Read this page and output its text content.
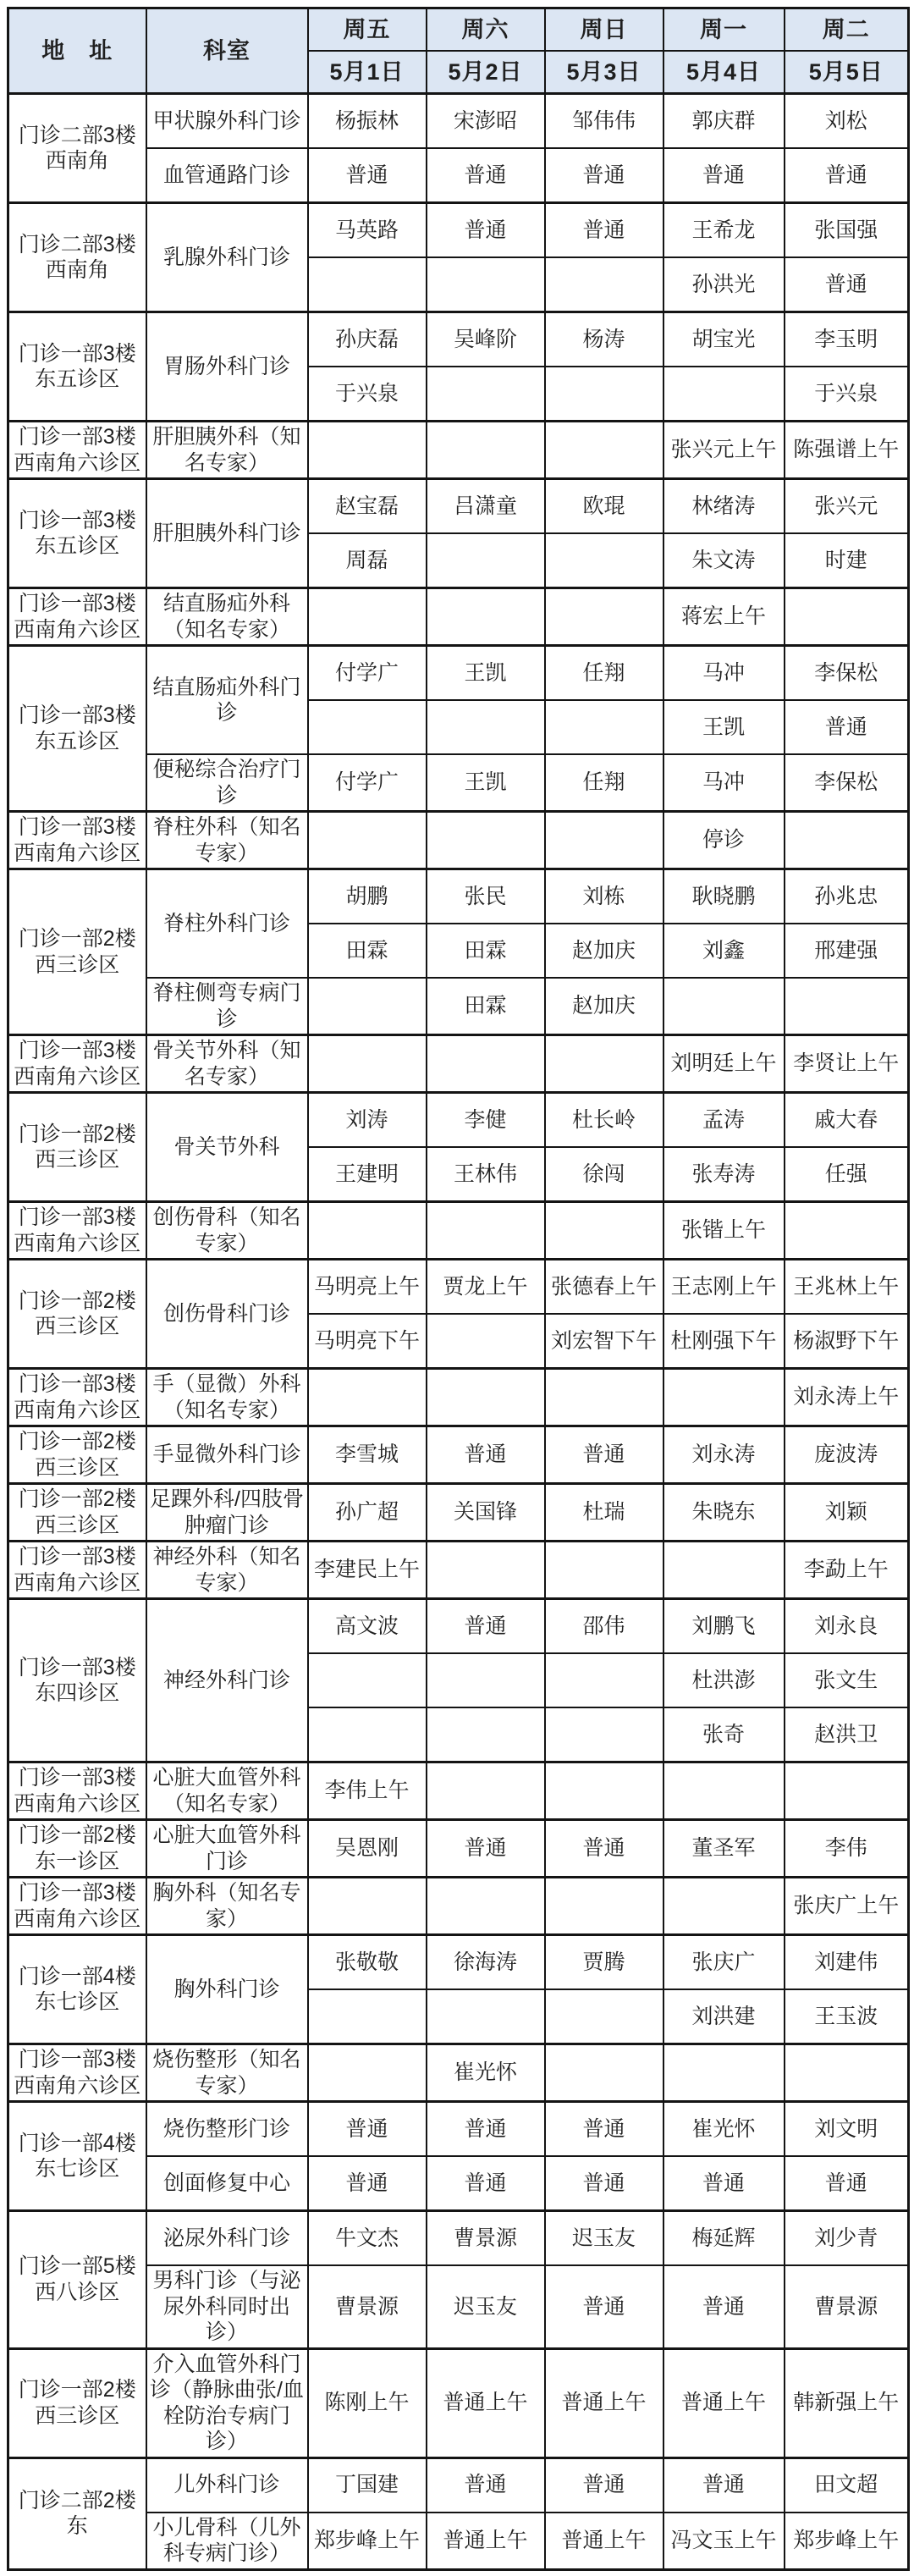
地　址	科室	周五	周六	周日	周一	周二
		5月1日	5月2日	5月3日	5月4日	5月5日
门诊二部3楼西南角	甲状腺外科门诊	杨振林	宋澎昭	邹伟伟	郭庆群	刘松
	血管通路门诊	普通	普通	普通	普通	普通
门诊二部3楼西南角	乳腺外科门诊	马英路	普通	普通	王希龙	张国强
					孙洪光	普通
门诊一部3楼东五诊区	胃肠外科门诊	孙庆磊	吴峰阶	杨涛	胡宝光	李玉明
		于兴泉				于兴泉
门诊一部3楼西南角六诊区	肝胆胰外科（知名专家）				张兴元上午	陈强谱上午
门诊一部3楼东五诊区	肝胆胰外科门诊	赵宝磊	吕潇童	欧琨	林绪涛	张兴元
		周磊			朱文涛	时建
门诊一部3楼西南角六诊区	结直肠疝外科（知名专家）				蒋宏上午	
门诊一部3楼东五诊区	结直肠疝外科门诊	付学广	王凯	任翔	马冲	李保松
					王凯	普通
	便秘综合治疗门诊	付学广	王凯	任翔	马冲	李保松
门诊一部3楼西南角六诊区	脊柱外科（知名专家）				停诊	
门诊一部2楼西三诊区	脊柱外科门诊	胡鹏	张民	刘栋	耿晓鹏	孙兆忠
		田霖	田霖	赵加庆	刘鑫	邢建强
	脊柱侧弯专病门诊		田霖	赵加庆		
门诊一部3楼西南角六诊区	骨关节外科（知名专家）				刘明廷上午	李贤让上午
门诊一部2楼西三诊区	骨关节外科	刘涛	李健	杜长岭	孟涛	戚大春
		王建明	王林伟	徐闯	张寿涛	任强
门诊一部3楼西南角六诊区	创伤骨科（知名专家）				张锴上午	
门诊一部2楼西三诊区	创伤骨科门诊	马明亮上午	贾龙上午	张德春上午	王志刚上午	王兆林上午
		马明亮下午		刘宏智下午	杜刚强下午	杨淑野下午
门诊一部3楼西南角六诊区	手（显微）外科（知名专家）					刘永涛上午
门诊一部2楼西三诊区	手显微外科门诊	李雪城	普通	普通	刘永涛	庞波涛
门诊一部2楼西三诊区	足踝外科/四肢骨肿瘤门诊	孙广超	关国锋	杜瑞	朱晓东	刘颖
门诊一部3楼西南角六诊区	神经外科（知名专家）	李建民上午				李勐上午
门诊一部3楼东四诊区	神经外科门诊	高文波	普通	邵伟	刘鹏飞	刘永良
					杜洪澎	张文生
					张奇	赵洪卫
门诊一部3楼西南角六诊区	心脏大血管外科（知名专家）	李伟上午				
门诊一部2楼东一诊区	心脏大血管外科门诊	吴恩刚	普通	普通	董圣军	李伟
门诊一部3楼西南角六诊区	胸外科（知名专家）					张庆广上午
门诊一部4楼东七诊区	胸外科门诊	张敬敬	徐海涛	贾腾	张庆广	刘建伟
					刘洪建	王玉波
门诊一部3楼西南角六诊区	烧伤整形（知名专家）		崔光怀			
门诊一部4楼东七诊区	烧伤整形门诊	普通	普通	普通	崔光怀	刘文明
	创面修复中心	普通	普通	普通	普通	普通
门诊一部5楼西八诊区	泌尿外科门诊	牛文杰	曹景源	迟玉友	梅延辉	刘少青
	男科门诊（与泌尿外科同时出诊）	曹景源	迟玉友	普通	普通	曹景源
门诊一部2楼西三诊区	介入血管外科门诊（静脉曲张/血栓防治专病门诊）	陈刚上午	普通上午	普通上午	普通上午	韩新强上午
门诊二部2楼东	儿外科门诊	丁国建	普通	普通	普通	田文超
	小儿骨科（儿外科专病门诊）	郑步峰上午	普通上午	普通上午	冯文玉上午	郑步峰上午
